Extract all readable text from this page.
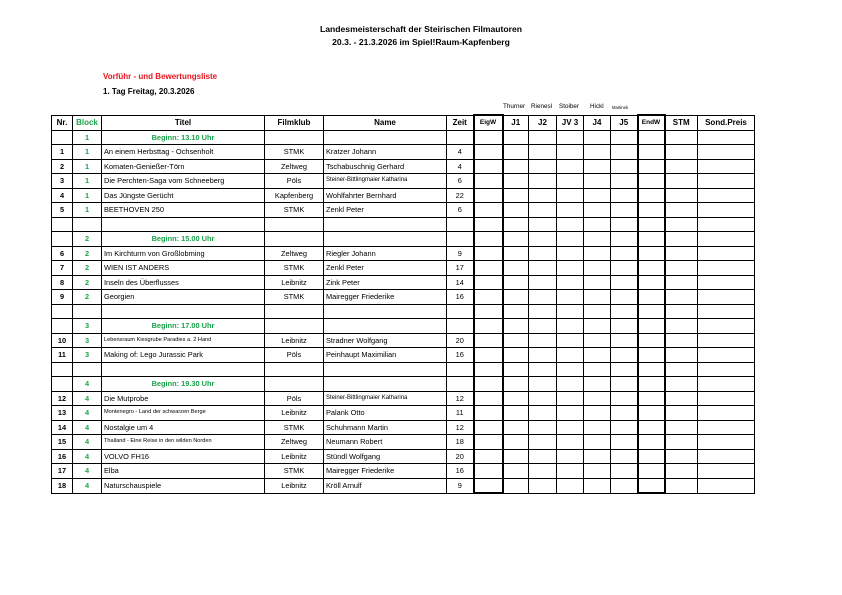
Landesmeisterschaft der Steirischen Filmautoren
20.3. - 21.3.2026 im Spiel!Raum-Kapfenberg
Vorführ - und Bewertungsliste
1. Tag Freitag, 20.3.2026
Thurner Rienesl Stoiber Hickl Martinek
Nr.	Block	Titel	Filmklub	Name	Zeit	EigW	J1	J2	JV 3	J4	J5	EndW	STM	Sond.Preis
	1	Beginn: 13.10 Uhr												
1	1	An einem Herbsttag - Ochsenholt	STMK	Kratzer Johann	4									
2	1	Komaten-Genießer-Törn	Zeltweg	Tschabuschnig Gerhard	4									
3	1	Die Perchten-Saga vom Schneeberg	Pöls	Steiner-Bittlingmaier Katharina	6									
4	1	Das Jüngste Gerücht	Kapfenberg	Wohlfahrter Bernhard	22									
5	1	BEETHOVEN 250	STMK	Zenkl Peter	6									

	2	Beginn: 15.00 Uhr												
6	2	Im Kirchturm von Großlobming	Zeltweg	Riegler Johann	9									
7	2	WIEN IST ANDERS	STMK	Zenkl Peter	17									
8	2	Inseln des Überflusses	Leibnitz	Zink Peter	14									
9	2	Georgien	STMK	Mairegger Friederike	16									

	3	Beginn: 17.00 Uhr												
10	3	Lebensraum Kiesgrube Paradies a. 2 Hand	Leibnitz	Stradner Wolfgang	20									
11	3	Making of: Lego Jurassic Park	Pöls	Peinhaupt Maximilian	16									

	4	Beginn: 19.30 Uhr												
12	4	Die Mutprobe	Pöls	Steiner-Bittlingmaier Katharina	12									
13	4	Montenegro - Land der schwarzen Berge	Leibnitz	Palank Otto	11									
14	4	Nostalgie um 4	STMK	Schuhmann Martin	12									
15	4	Thailand - Eine Reise in den wilden Norden	Zeltweg	Neumann Robert	18									
16	4	VOLVO FH16	Leibnitz	Stündl Wolfgang	20									
17	4	Elba	STMK	Mairegger Friederike	16									
18	4	Naturschauspiele	Leibnitz	Kröll Arnulf	9									
